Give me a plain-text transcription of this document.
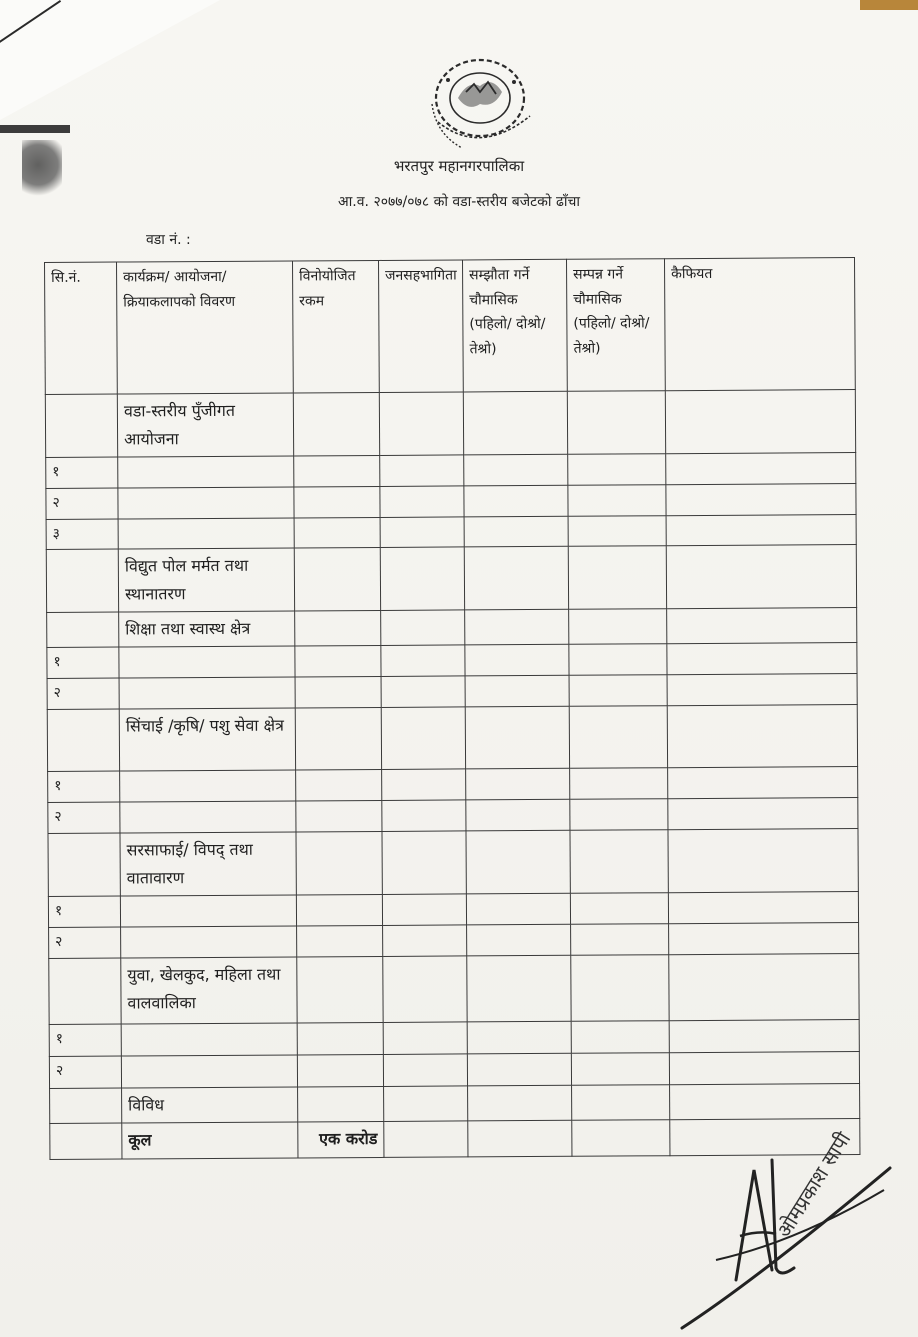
भरतपुर महानगरपालिका
आ.व. २०७७/०७८ को वडा-स्तरीय बजेटको ढाँचा
वडा नं. :
सि.नं.	कार्यक्रम/ आयोजना/ क्रियाकलापको विवरण	विनोयोजित रकम	जनसहभागिता	सम्झौता गर्ने चौमासिक (पहिलो/ दोश्रो/ तेश्रो)	सम्पन्न गर्ने चौमासिक (पहिलो/ दोश्रो/ तेश्रो)	कैफियत
	वडा-स्तरीय पुँजीगत आयोजना					
१						
२						
३						
	विद्युत पोल मर्मत तथा स्थानातरण					
	शिक्षा तथा स्वास्थ क्षेत्र					
१						
२						
	सिंचाई /कृषि/ पशु सेवा क्षेत्र					
१						
२						
	सरसाफाई/ विपद् तथा वातावारण					
१						
२						
	युवा, खेलकुद, महिला तथा वालवालिका					
१						
२						
	विविध					
	कूल	एक करोड					ओमप्रकाश सापी
